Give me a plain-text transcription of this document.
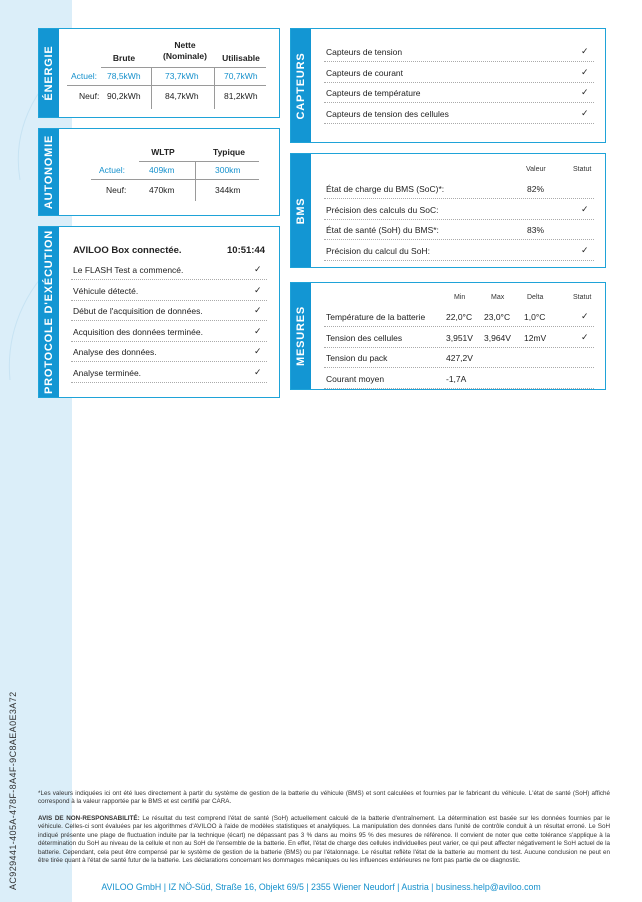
AC929441-405A-478F-8A4F-9C8AEA0E3A72
ÉNERGIE	Brute
Nette
(Nominale)	Utilisable
Actuel: 78,5kWh	73,7kWh	70,7kWh
Neuf: 90,2kWh	84,7kWh	81,2kWh
AUTONOMIE	WLTP	Typique
Actuel:	409km	300km
Neuf:	470km	344km
PROTOCOLE D'EXÉCUTION AVILOO Box connectée.	10:51:44
Le FLASH Test a commencé.	✓
Véhicule détecté.	✓
Début de l'acquisition de données.	✓
Acquisition des données terminée.	✓
Analyse des données.	✓
Analyse terminée.	✓
CAPTEURS
Capteurs de tension	✓
Capteurs de courant	✓
Capteurs de température	✓
Capteurs de tension des cellules	✓
BMS
Valeur	Statut
État de charge du BMS (SoC)*:	82%
Précision des calculs du SoC:	✓
État de santé (SoH) du BMS*:	83%
Précision du calcul du SoH:	✓
MESURES
Min	Max	Delta	Statut
Température de la batterie 22,0°C 23,0°C 1,0°C	✓
Tension des cellules	3,951V 3,964V 12mV	✓
Tension du pack	427,2V
Courant moyen	-1,7A
*Les valeurs indiquées ici ont été lues directement à partir du système de gestion de la batterie du véhicule (BMS) et sont calculées et fournies par le fabricant du véhicule. L'état de santé (SoH) affiché correspond à la valeur rapportée par le BMS et est certifié par CARA.
AVIS DE NON-RESPONSABILITÉ: Le résultat du test comprend l'état de santé (SoH) actuellement calculé de la batterie d'entraînement. La détermination est basée sur les données fournies par le véhicule. Celles-ci sont évaluées par les algorithmes d'AVILOO à l'aide de modèles statistiques et analytiques. La manipulation des données dans l'unité de contrôle conduit à un résultat erroné. Le SoH indiqué présente une plage de fluctuation induite par la technique (écart) ne dépassant pas 3 % dans au moins 95 % des mesures de référence. Il convient de noter que cette tolérance s'applique à la détermination du SoH au niveau de la cellule et non au SoH de l'ensemble de la batterie. En effet, l'état de charge des cellules individuelles peut varier, ce qui peut affecter négativement le SoH actuel de la batterie. Cependant, cela peut être compensé par le système de gestion de la batterie (BMS) ou par l'étalonnage. Le résultat reflète l'état de la batterie au moment du test. Aucune conclusion ne peut en être tirée quant à l'état de santé futur de la batterie. Les déclarations concernant les dommages mécaniques ou les influences extérieures ne font pas partie de ce diagnostic.
AVILOO GmbH | IZ NÖ-Süd, Straße 16, Objekt 69/5 | 2355 Wiener Neudorf | Austria | business.help@aviloo.com
